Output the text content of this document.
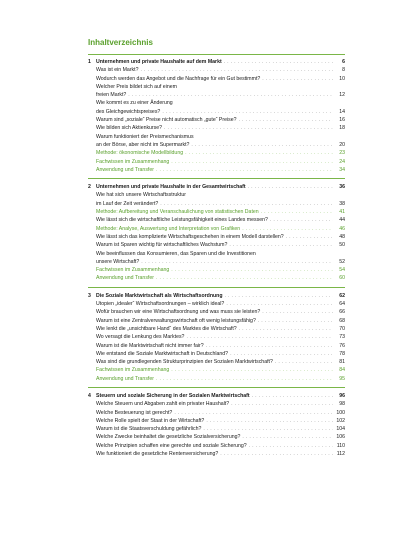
Inhaltverzeichnis
1 Unternehmen und private Haushalte auf dem Markt . . .	6
Was ist ein Markt? . . .	8
Wodurch werden das Angebot und die Nachfrage für ein Gut bestimmt? . . .	10
Welcher Preis bildet sich auf einem
freien Markt? . . .	12
Wie kommt es zu einer Änderung
des Gleichgewichtspreises? . . .	14
Warum sind „soziale“ Preise nicht automatisch „gute“ Preise? . . .	16
Wie bilden sich Aktienkurse? . . .	18
Warum funktioniert der Preismechanismus
an der Börse, aber nicht im Supermarkt? . . .	20
Methode: ökonomische Modellbildung . . .	23
Fachwissen im Zusammenhang . . .	24
Anwendung und Transfer . . .	34
2 Unternehmen und private Haushalte in der Gesamtwirtschaft . . .	36
Wie hat sich unsere Wirtschaftsstruktur
im Lauf der Zeit verändert? . . .	38
Methode: Aufbereitung und Veranschaulichung von statistischen Daten . . .	41
Wie lässt sich die wirtschaftliche Leistungsfähigkeit eines Landes messen? . . .	44
Methode: Analyse, Auswertung und Interpretation von Grafiken . . .	46
Wie lässt sich das komplizierte Wirtschaftsgeschehen in einem Modell darstellen? . . .	48
Warum ist Sparen wichtig für wirtschaftliches Wachstum? . . .	50
Wie beeinflussen das Konsumieren, das Sparen und die Investitionen
unsere Wirtschaft? . . .	52
Fachwissen im Zusammenhang . . .	54
Anwendung und Transfer . . .	60
3 Die Soziale Marktwirtschaft als Wirtschaftsordnung . . .	62
Utopien „idealer“ Wirtschaftsordnungen – wirklich ideal? . . .	64
Wofür brauchen wir eine Wirtschaftsordnung und was muss sie leisten? . . .	66
Warum ist eine Zentralverwaltungswirtschaft oft wenig leistungsfähig? . . .	68
Wie lenkt die „unsichtbare Hand“ des Marktes die Wirtschaft? . . .	70
Wo versagt die Lenkung des Marktes? . . .	73
Warum ist die Marktwirtschaft nicht immer fair? . . .	76
Wie entstand die Soziale Marktwirtschaft in Deutschland? . . .	78
Was sind die grundlegenden Strukturprinzipien der Sozialen Marktwirtschaft? . . .	81
Fachwissen im Zusammenhang . . .	84
Anwendung und Transfer . . .	95
4 Steuern und soziale Sicherung in der Sozialen Marktwirtschaft . . .	96
Welche Steuern und Abgaben zahlt ein privater Haushalt? . . .	98
Welche Besteuerung ist gerecht? . . .	100
Welche Rolle spielt der Staat in der Wirtschaft? . . .	102
Warum ist die Staatsverschuldung gefährlich? . . .	104
Welche Zwecke beinhaltet die gesetzliche Sozialversicherung? . . .	106
Welche Prinzipien schaffen eine gerechte und soziale Sicherung? . . .	110
Wie funktioniert die gesetzliche Rentenversicherung? . . .	112
